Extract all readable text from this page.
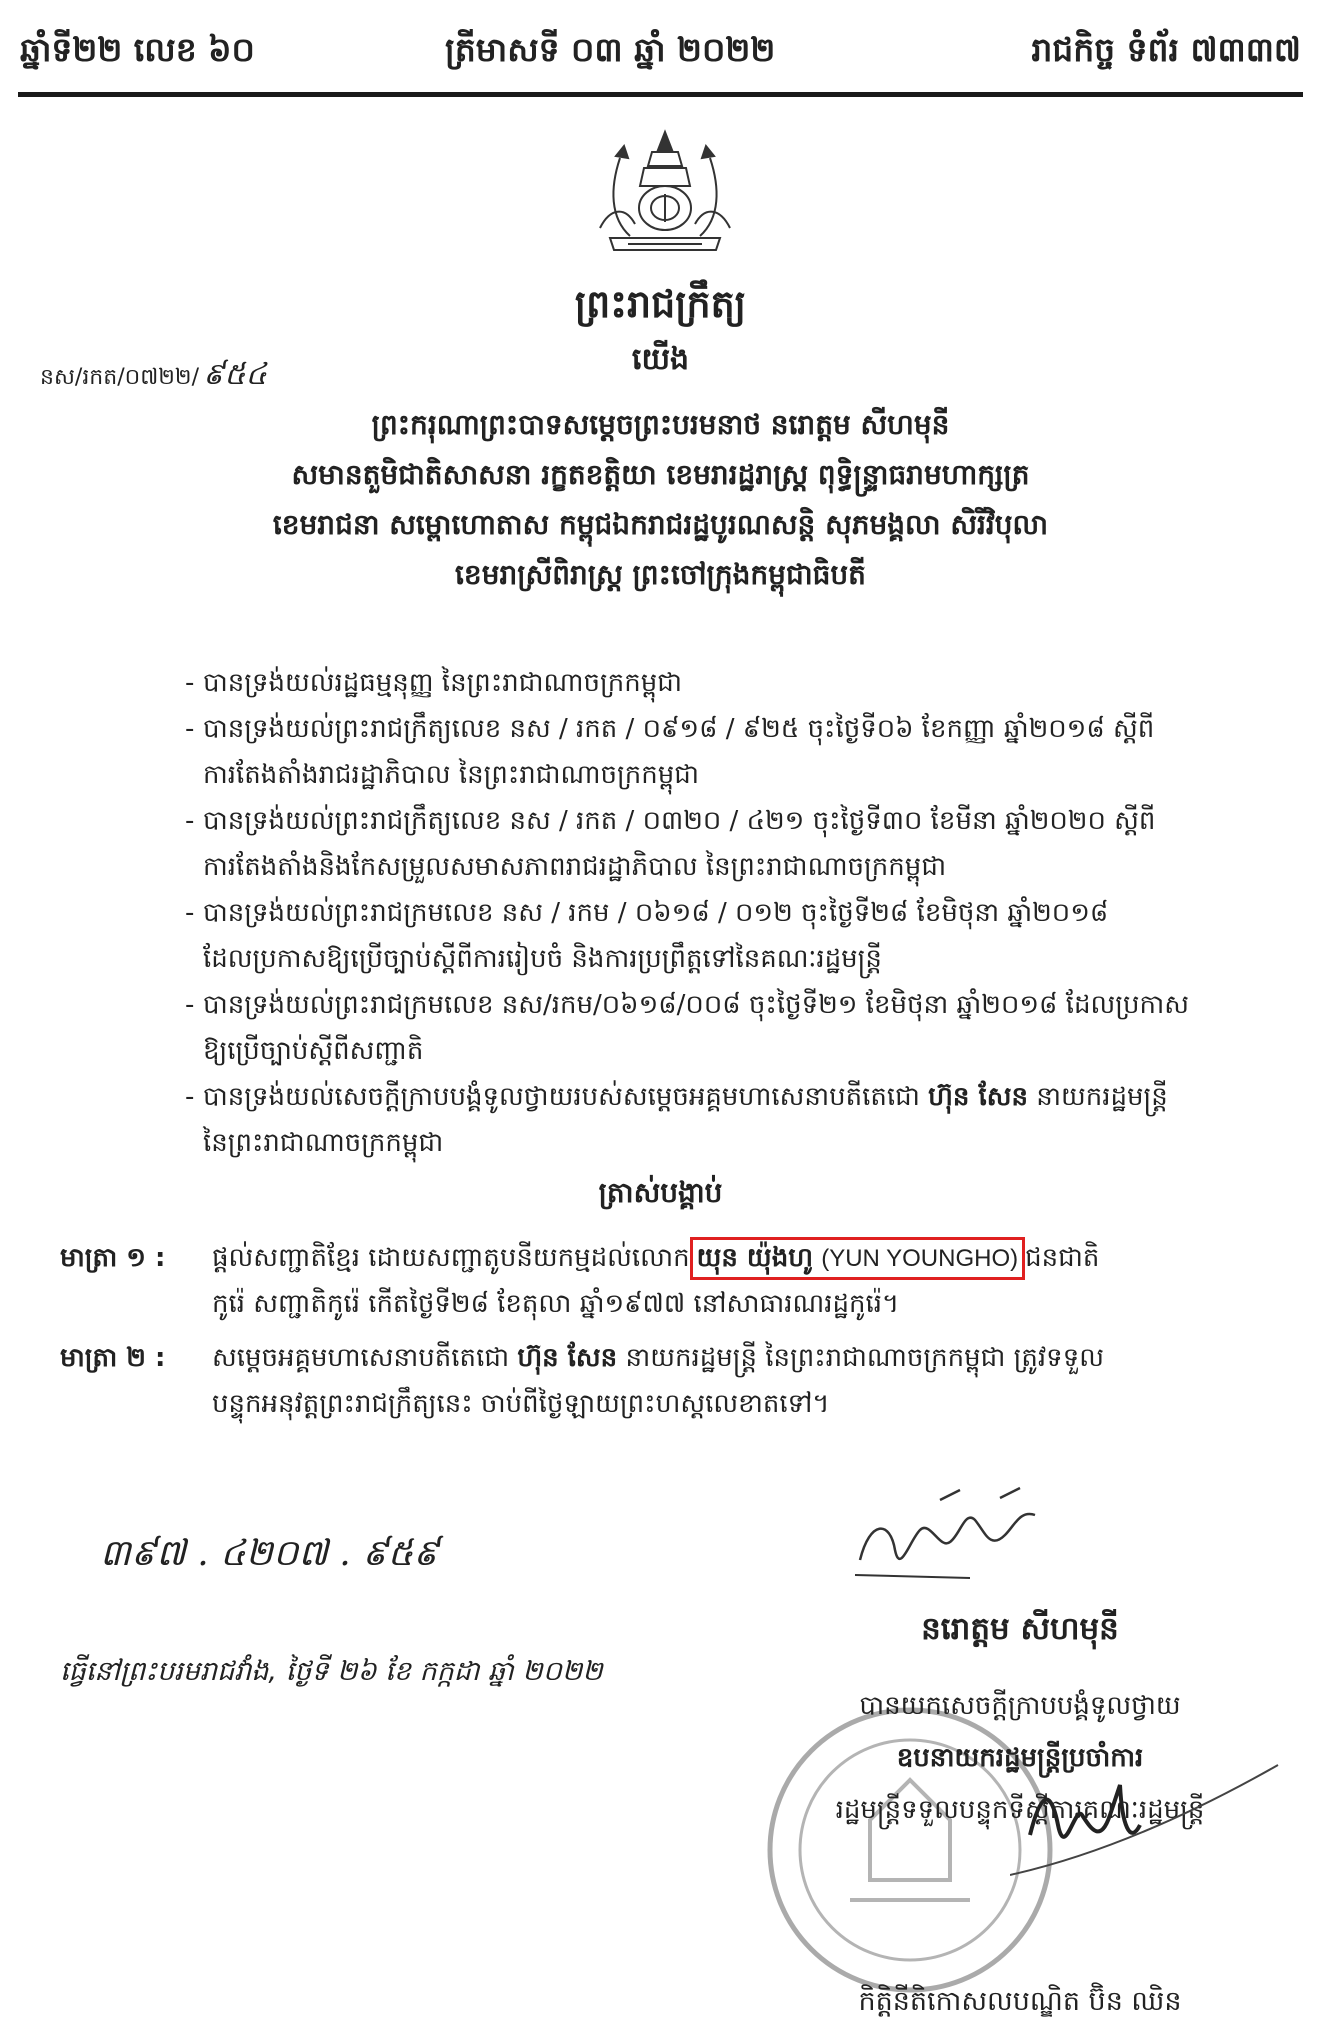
ឆ្នាំទី២២ លេខ ៦០	ត្រីមាសទី ០៣ ឆ្នាំ ២០២២	រាជកិច្ច ទំព័រ ៧៣៣៧
ព្រះរាជក្រឹត្យ
នស/រកត/០៧២២/ ៩៥៤	យើង
ព្រះករុណាព្រះបាទសម្តេចព្រះបរមនាថ នរោត្តម សីហមុនី
សមានតួមិជាតិសាសនា រក្ខតខត្តិយា ខេមរារដ្ឋរាស្ត្រ ពុទ្ធិន្ទ្រាធរាមហាក្សត្រ
ខេមរាជនា សម្ពោហោតាស កម្ពុជឯករាជរដ្ឋបូរណសន្តិ សុភមង្គលា សិរីវិបុលា
ខេមរាស្រីពិរាស្ត្រ ព្រះចៅក្រុងកម្ពុជាធិបតី
- បានទ្រង់យល់រដ្ឋធម្មនុញ្ញ នៃព្រះរាជាណាចក្រកម្ពុជា
- បានទ្រង់យល់ព្រះរាជក្រឹត្យលេខ នស / រកត / ០៩១៨ / ៩២៥ ចុះថ្ងៃទី០៦ ខែកញ្ញា ឆ្នាំ២០១៨ ស្តីពី
ការតែងតាំងរាជរដ្ឋាភិបាល នៃព្រះរាជាណាចក្រកម្ពុជា
- បានទ្រង់យល់ព្រះរាជក្រឹត្យលេខ នស / រកត / ០៣២០ / ៤២១ ចុះថ្ងៃទី៣០ ខែមីនា ឆ្នាំ២០២០ ស្តីពី
ការតែងតាំងនិងកែសម្រួលសមាសភាពរាជរដ្ឋាភិបាល នៃព្រះរាជាណាចក្រកម្ពុជា
- បានទ្រង់យល់ព្រះរាជក្រមលេខ នស / រកម / ០៦១៨ / ០១២ ចុះថ្ងៃទី២៨ ខែមិថុនា ឆ្នាំ២០១៨
ដែលប្រកាសឱ្យប្រើច្បាប់ស្តីពីការរៀបចំ និងការប្រព្រឹត្តទៅនៃគណៈរដ្ឋមន្ត្រី
- បានទ្រង់យល់ព្រះរាជក្រមលេខ នស/រកម/០៦១៨/០០៨ ចុះថ្ងៃទី២១ ខែមិថុនា ឆ្នាំ២០១៨ ដែលប្រកាស
ឱ្យប្រើច្បាប់ស្តីពីសញ្ជាតិ
- បានទ្រង់យល់សេចក្តីក្រាបបង្គំទូលថ្វាយរបស់សម្តេចអគ្គមហាសេនាបតីតេជោ ហ៊ុន សែន នាយករដ្ឋមន្ត្រី
នៃព្រះរាជាណាចក្រកម្ពុជា
ត្រាស់បង្គាប់
មាត្រា ១ : ផ្តល់សញ្ជាតិខ្មែរ ដោយសញ្ជាតូបនីយកម្មដល់លោក យុន យ៉ុងហូ (YUN YOUNGHO) ជនជាតិ
កូរ៉េ សញ្ជាតិកូរ៉េ កើតថ្ងៃទី២៨ ខែតុលា ឆ្នាំ១៩៧៧ នៅសាធារណរដ្ឋកូរ៉េ។
មាត្រា ២ : សម្តេចអគ្គមហាសេនាបតីតេជោ ហ៊ុន សែន នាយករដ្ឋមន្ត្រី នៃព្រះរាជាណាចក្រកម្ពុជា ត្រូវទទួល
បន្ទុកអនុវត្តព្រះរាជក្រឹត្យនេះ ចាប់ពីថ្ងៃឡាយព្រះហស្តលេខាតទៅ។
៣៩៧ . ៤២០៧ . ៩៥៩
ធ្វើនៅព្រះបរមរាជវាំង, ថ្ងៃទី ២៦ ខែ កក្កដា ឆ្នាំ ២០២២
នរោត្តម សីហមុនី
បានយកសេចក្តីក្រាបបង្គំទូលថ្វាយ
ឧបនាយករដ្ឋមន្ត្រីប្រចាំការ
រដ្ឋមន្ត្រីទទួលបន្ទុកទីស្តីការគណៈរដ្ឋមន្ត្រី
កិត្តិនីតិកោសលបណ្ឌិត ប៊ិន ឈិន
